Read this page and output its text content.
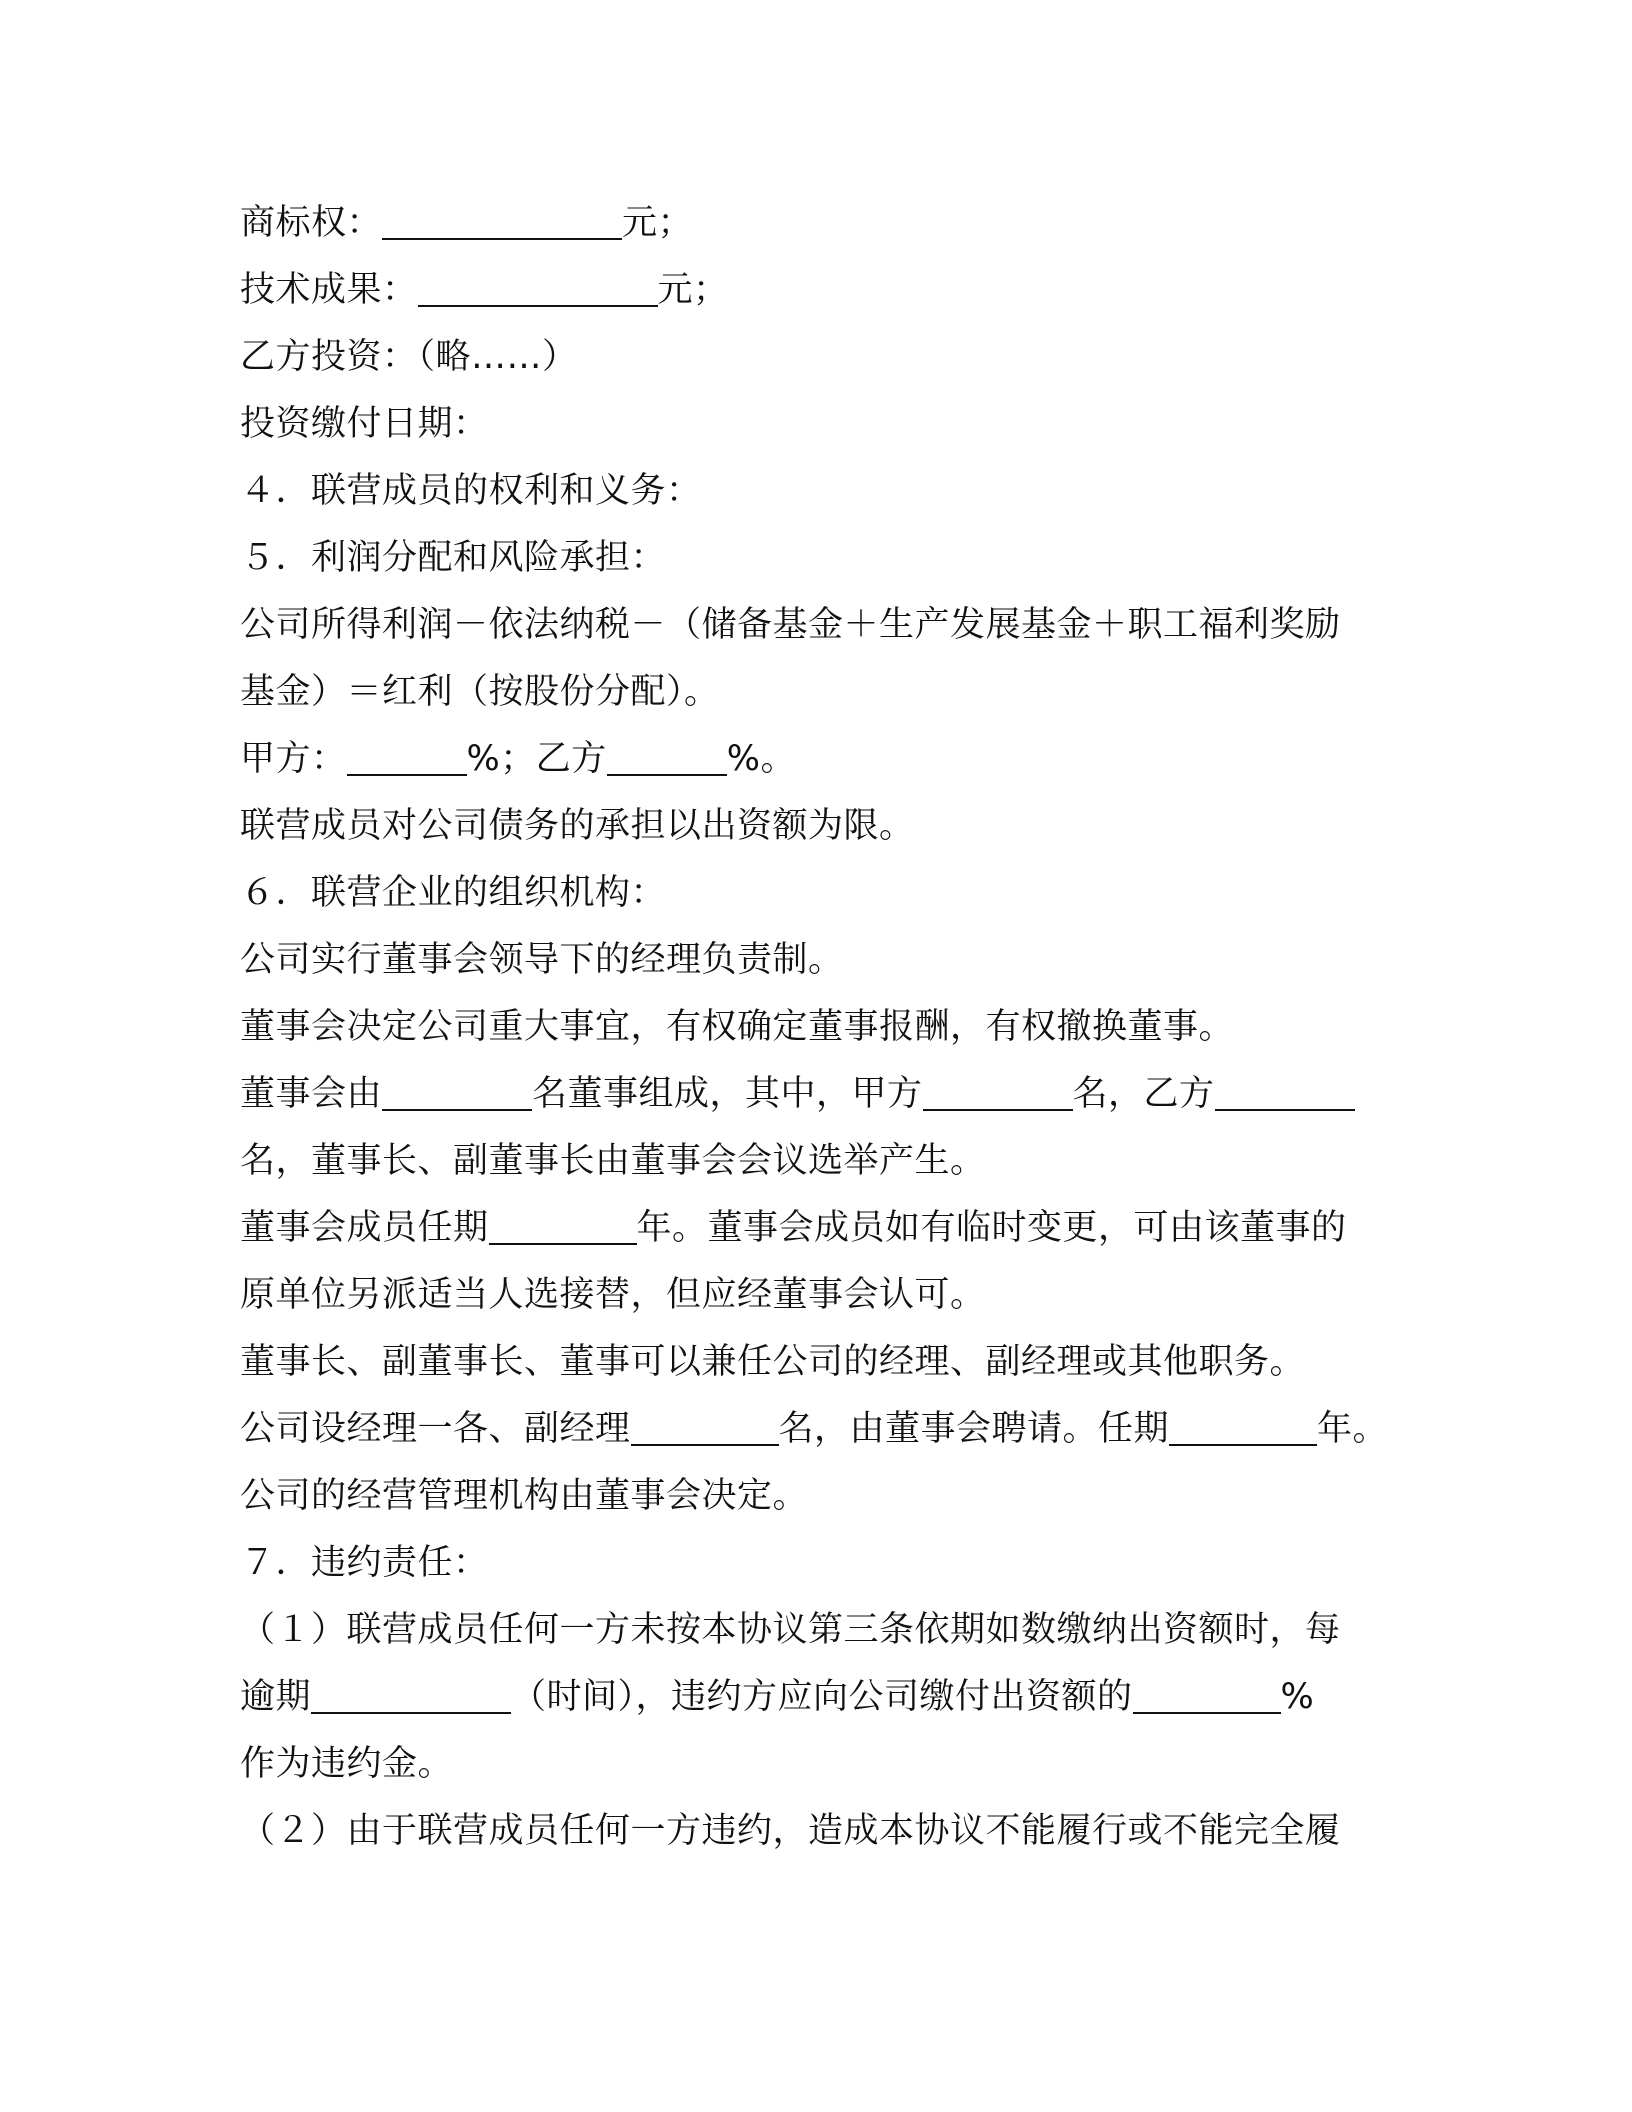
商标权：	元；
技术成果：	元；
乙方投资：（略……）
投资缴付日期：
４．联营成员的权利和义务：
５．利润分配和风险承担：
公司所得利润－依法纳税－（储备基金＋生产发展基金＋职工福利奖励
基金）＝红利（按股份分配）。
甲方：	%；乙方	%。
联营成员对公司债务的承担以出资额为限。
６．联营企业的组织机构：
公司实行董事会领导下的经理负责制。
董事会决定公司重大事宜，有权确定董事报酬，有权撤换董事。
董事会由	名董事组成，其中，甲方	名，乙方
名，董事长、副董事长由董事会会议选举产生。
董事会成员任期	年。董事会成员如有临时变更，可由该董事的
原单位另派适当人选接替，但应经董事会认可。
董事长、副董事长、董事可以兼任公司的经理、副经理或其他职务。
公司设经理一各、副经理	名，由董事会聘请。任期	年。
公司的经营管理机构由董事会决定。
７．违约责任：
（１）联营成员任何一方未按本协议第三条依期如数缴纳出资额时，每
逾期	（时间），违约方应向公司缴付出资额的	%
作为违约金。
（２）由于联营成员任何一方违约，造成本协议不能履行或不能完全履
